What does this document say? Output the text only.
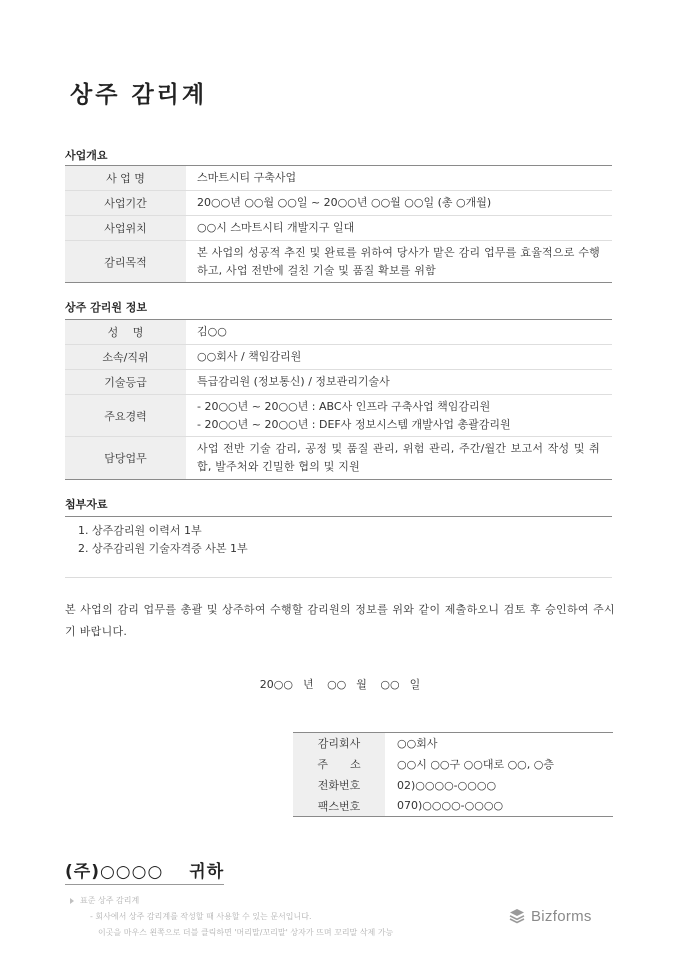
상주 감리계
사업개요
사 업 명	스마트시티 구축사업
사업기간	20○○년 ○○월 ○○일 ~ 20○○년 ○○월 ○○일 (총 ○개월)
사업위치	○○시 스마트시티 개발지구 일대
감리목적	본 사업의 성공적 추진 및 완료를 위하여 당사가 맡은 감리 업무를 효율적으로 수행하고, 사업 전반에 걸친 기술 및 품질 확보를 위함
상주 감리원 정보
성　 명	김○○
소속/직위	○○회사 / 책임감리원
기술등급	특급감리원 (정보통신) / 정보관리기술사
주요경력	- 20○○년 ~ 20○○년 : ABC사 인프라 구축사업 책임감리원
- 20○○년 ~ 20○○년 : DEF사 정보시스템 개발사업 총괄감리원

담당업무	사업 전반 기술 감리, 공정 및 품질 관리, 위험 관리, 주간/월간 보고서 작성 및 취합, 발주처와 긴밀한 협의 및 지원
첨부자료
1. 상주감리원 이력서 1부
2. 상주감리원 기술자격증 사본 1부
본 사업의 감리 업무를 총괄 및 상주하여 수행할 감리원의 정보를 위와 같이 제출하오니 검토 후 승인하여 주시기 바랍니다.
20○○ 년 ○○ 월 ○○ 일
감리회사	○○회사
주　　소	○○시 ○○구 ○○대로 ○○, ○층
전화번호	02)○○○○-○○○○
팩스번호	070)○○○○-○○○○
(주)○○○○ 귀하
표준 상주 감리계
- 회사에서 상주 감리계를 작성할 때 사용할 수 있는 문서입니다.
이곳을 마우스 왼쪽으로 더블 클릭하면 '머리말/꼬리말' 상자가 뜨며 꼬리말 삭제 가능
Bizforms
